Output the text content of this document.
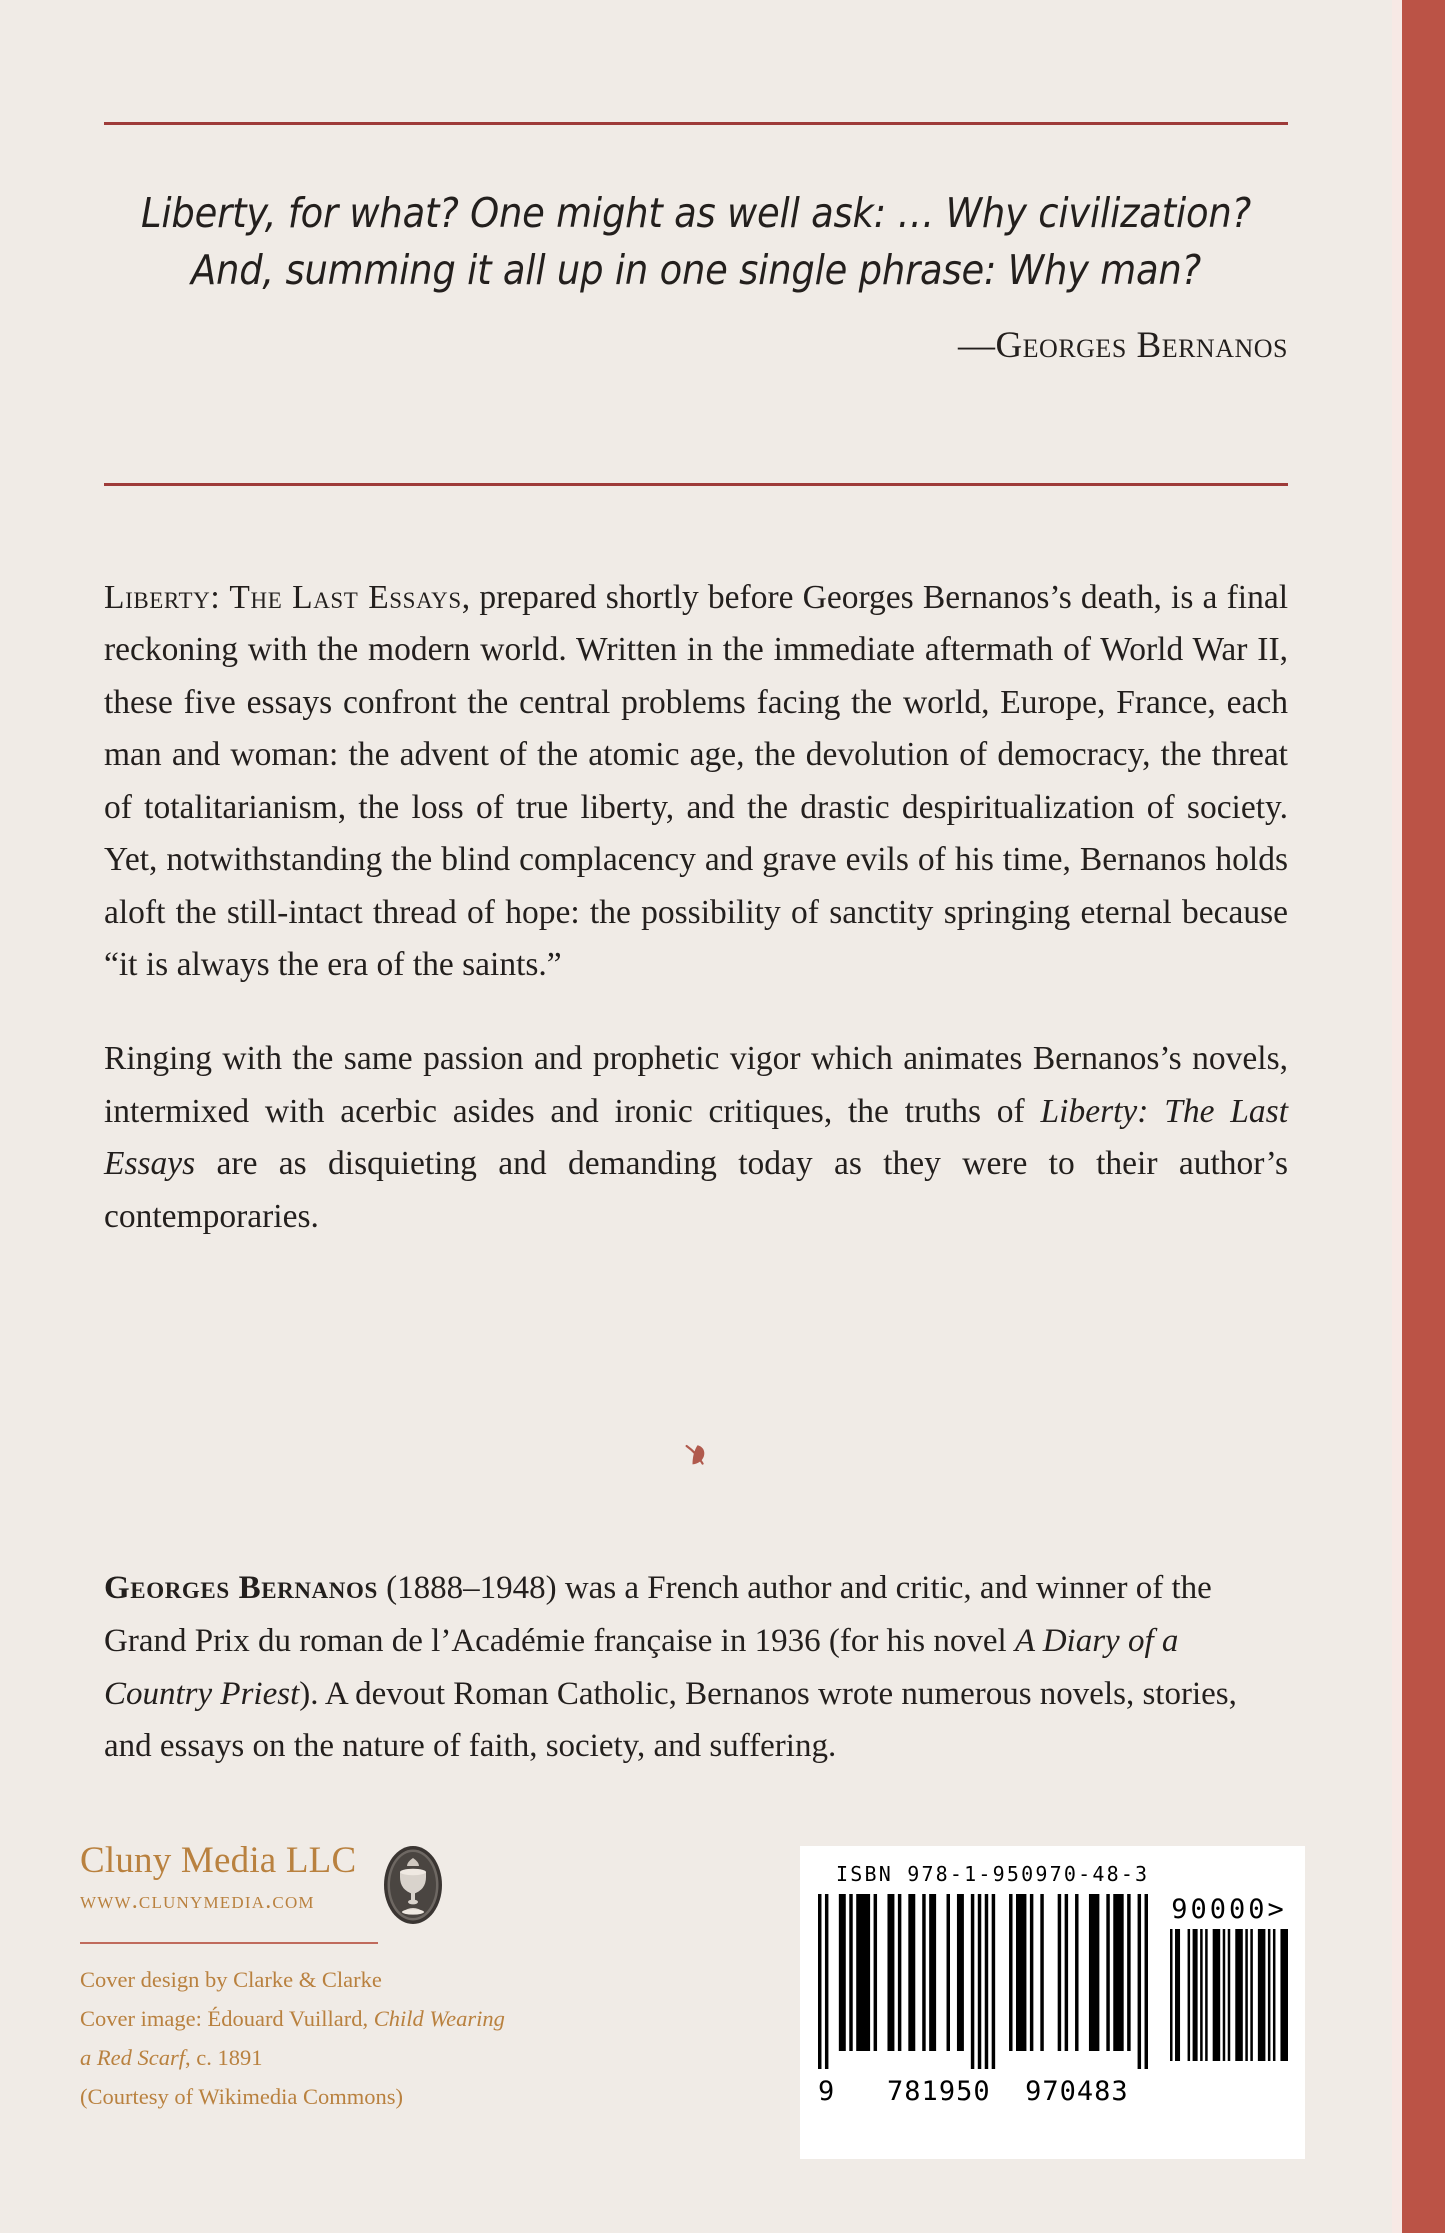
Liberty, for what? One might as well ask: … Why civilization?
And, summing it all up in one single phrase: Why man?
—Georges Bernanos

Liberty: The Last Essays, prepared shortly before Georges Bernanos’s death, is a final reckoning with the modern world. Written in the immediate aftermath of World War II, these five essays confront the central problems facing the world, Europe, France, each man and woman: the advent of the atomic age, the devolution of democracy, the threat of totalitarianism, the loss of true liberty, and the drastic despiritualization of society. Yet, notwithstanding the blind complacency and grave evils of his time, Bernanos holds aloft the still-intact thread of hope: the possibility of sanctity springing eternal because “it is always the era of the saints.”

Ringing with the same passion and prophetic vigor which animates Bernanos’s novels, intermixed with acerbic asides and ironic critiques, the truths of Liberty: The Last Essays are as disquieting and demanding today as they were to their author’s contemporaries.

Georges Bernanos (1888–1948) was a French author and critic, and winner of the Grand Prix du roman de l’Académie française in 1936 (for his novel A Diary of a Country Priest). A devout Roman Catholic, Bernanos wrote numerous novels, stories, and essays on the nature of faith, society, and suffering.

Cluny Media LLC
www.clunymedia.com
Cover design by Clarke & Clarke
Cover image: Édouard Vuillard, Child Wearing
a Red Scarf, c. 1891
(Courtesy of Wikimedia Commons)
ISBN 978-1-950970-48-3
9 781950 970483
90000>
